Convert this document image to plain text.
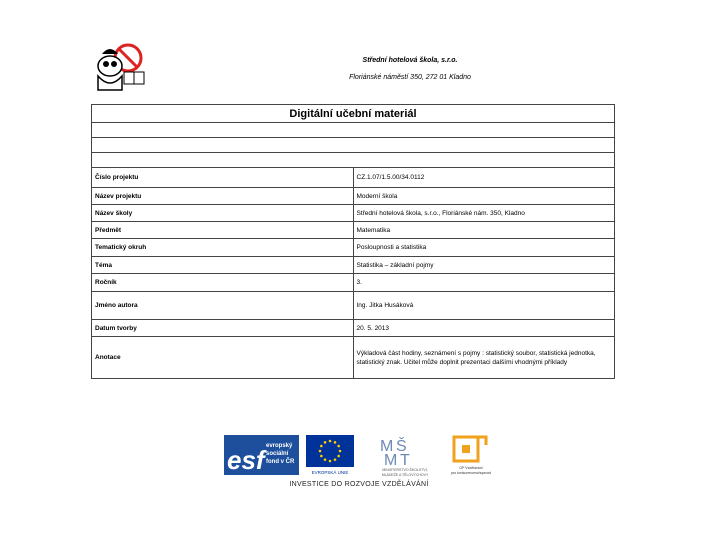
Střední hotelová škola, s.r.o.
Floriánské náměstí 350, 272 01 Kladno
Digitální učební materiál	

Číslo projektu	CZ.1.07/1.5.00/34.0112
Název projektu	Moderní škola
Název školy	Střední hotelová škola, s.r.o., Floriánské nám. 350, Kladno
Předmět	Matematika
Tematický okruh	Posloupnosti a statistika
Téma	Statistika – základní pojmy
Ročník	3.
Jméno autora	Ing. Jitka Husáková
Datum tvorby	20. 5. 2013
Anotace	Výkladová část hodiny, seznámení s pojmy : statistický soubor, statistická jednotka, statistický znak. Učitel může doplnit prezentaci dalšími vhodnými příklady
esf evropský
sociální
fond v ČR
EVROPSKÁ UNIE
M Š
M T
MINISTERSTVO ŠKOLSTVÍ,
MLÁDEŽE A TĚLOVÝCHOVY
OP Vzdělávání
pro konkurenceschopnost
INVESTICE DO ROZVOJE VZDĚLÁVÁNÍ
